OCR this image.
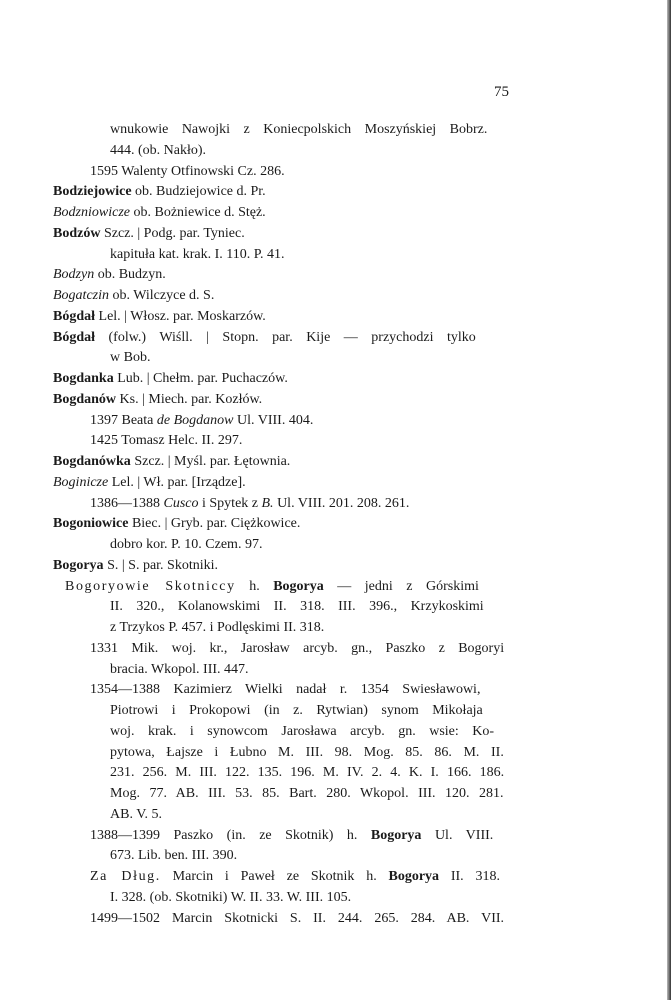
75
wnukowie Nawojki z Koniecpolskich Moszyńskiej Bobrz.
444. (ob. Nakło).
1595 Walenty Otfinowski Cz. 286.
Bodziejowice ob. Budziejowice d. Pr.
Bodzniowicze ob. Bożniewice d. Stęż.
Bodzów Szcz. | Podg. par. Tyniec.
kapituła kat. krak. I. 110. P. 41.
Bodzyn ob. Budzyn.
Bogatczin ob. Wilczyce d. S.
Bógdał Lel. | Włosz. par. Moskarzów.
Bógdał (folw.) Wiśll. | Stopn. par. Kije — przychodzi tylko
w Bob.
Bogdanka Lub. | Chełm. par. Puchaczów.
Bogdanów Ks. | Miech. par. Kozłów.
1397 Beata de Bogdanow Ul. VIII. 404.
1425 Tomasz Helc. II. 297.
Bogdanówka Szcz. | Myśl. par. Łętownia.
Boginicze Lel. | Wł. par. [Irządze].
1386—1388 Cusco i Spytek z B. Ul. VIII. 201. 208. 261.
Bogoniowice Biec. | Gryb. par. Ciężkowice.
dobro kor. P. 10. Czem. 97.
Bogorya S. | S. par. Skotniki.
Bogoryowie Skotniccy h. Bogorya — jedni z Górskimi
II. 320., Kolanowskimi II. 318. III. 396., Krzykoskimi
z Trzykos P. 457. i Podlęskimi II. 318.
1331 Mik. woj. kr., Jarosław arcyb. gn., Paszko z Bogoryi
bracia. Wkopol. III. 447.
1354—1388 Kazimierz Wielki nadał r. 1354 Swiesławowi,
Piotrowi i Prokopowi (in z. Rytwian) synom Mikołaja
woj. krak. i synowcom Jarosława arcyb. gn. wsie: Ko-
pytowa, Łajsze i Łubno M. III. 98. Mog. 85. 86. M. II.
231. 256. M. III. 122. 135. 196. M. IV. 2. 4. K. I. 166. 186.
Mog. 77. AB. III. 53. 85. Bart. 280. Wkopol. III. 120. 281.
AB. V. 5.
1388—1399 Paszko (in. ze Skotnik) h. Bogorya Ul. VIII.
673. Lib. ben. III. 390.
Za Dług. Marcin i Paweł ze Skotnik h. Bogorya II. 318.
I. 328. (ob. Skotniki) W. II. 33. W. III. 105.
1499—1502 Marcin Skotnicki S. II. 244. 265. 284. AB. VII.
